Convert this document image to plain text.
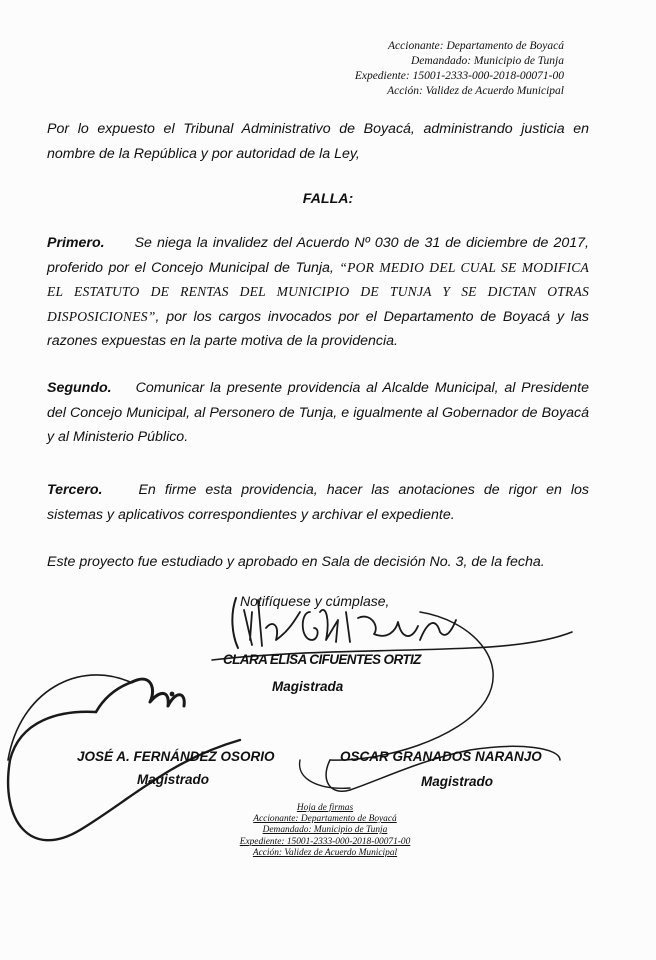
Accionante: Departamento de Boyacá
Demandado: Municipio de Tunja
Expediente: 15001-2333-000-2018-00071-00
Acción: Validez de Acuerdo Municipal
Por lo expuesto el Tribunal Administrativo de Boyacá, administrando justicia en nombre de la República y por autoridad de la Ley,
FALLA:
Primero. Se niega la invalidez del Acuerdo Nº 030 de 31 de diciembre de 2017, proferido por el Concejo Municipal de Tunja, “POR MEDIO DEL CUAL SE MODIFICA EL ESTATUTO DE RENTAS DEL MUNICIPIO DE TUNJA Y SE DICTAN OTRAS DISPOSICIONES”, por los cargos invocados por el Departamento de Boyacá y las razones expuestas en la parte motiva de la providencia.
Segundo. Comunicar la presente providencia al Alcalde Municipal, al Presidente del Concejo Municipal, al Personero de Tunja, e igualmente al Gobernador de Boyacá y al Ministerio Público.
Tercero.	En firme esta providencia, hacer las anotaciones de rigor en los sistemas y aplicativos correspondientes y archivar el expediente.
Este proyecto fue estudiado y aprobado en Sala de decisión No. 3, de la fecha.
Notifíquese y cúmplase,
CLARA ELISA CIFUENTES ORTIZ
Magistrada
JOSÉ A. FERNÁNDEZ OSORIO
Magistrado
OSCAR GRANADOS NARANJO
Magistrado
Hoja de firmas
Accionante: Departamento de Boyacá
Demandado: Municipio de Tunja
Expediente: 15001-2333-000-2018-00071-00
Acción: Validez de Acuerdo Municipal
